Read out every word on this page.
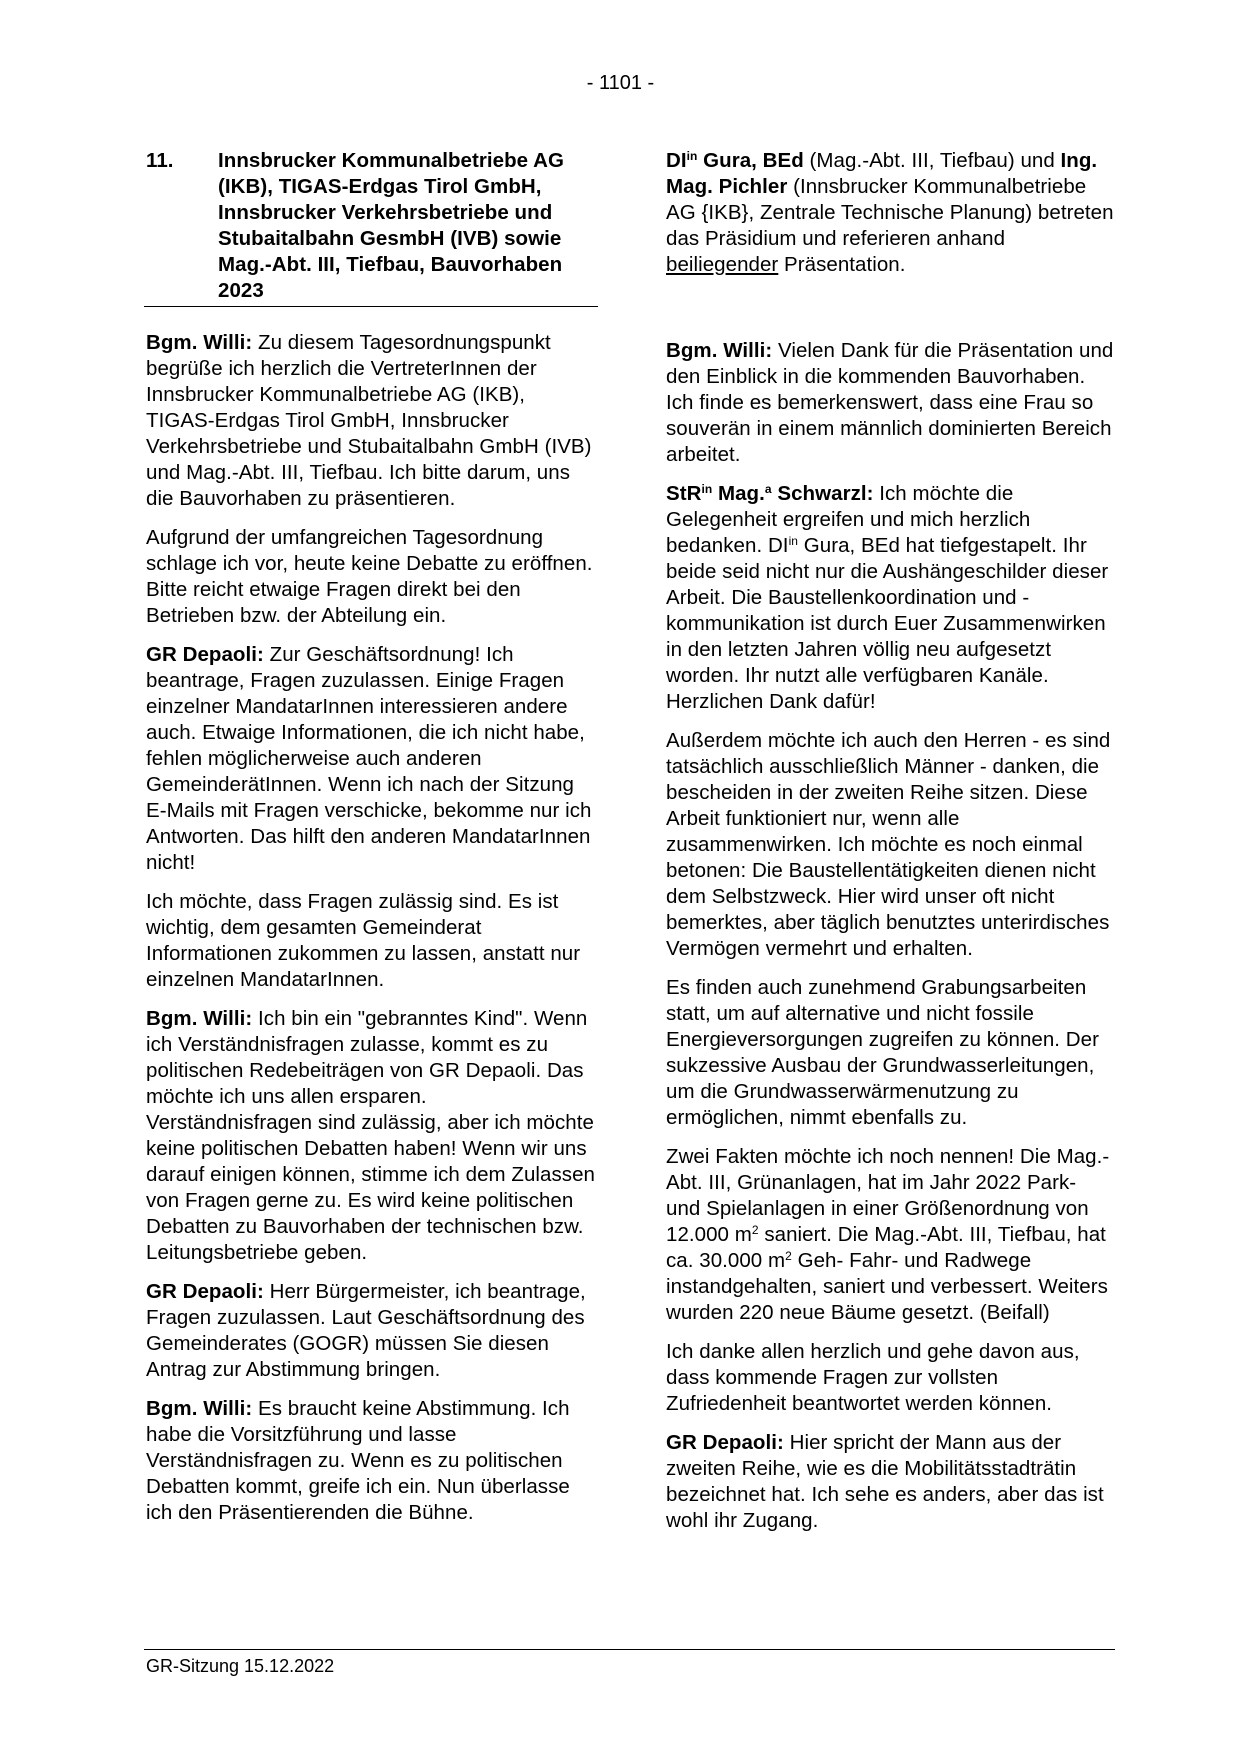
- 1101 -
11.	Innsbrucker Kommunalbetriebe AG (IKB), TIGAS-Erdgas Tirol GmbH, Innsbrucker Verkehrsbetriebe und Stubaitalbahn GesmbH (IVB) sowie Mag.-Abt. III, Tiefbau, Bauvorhaben 2023

Bgm. Willi: Zu diesem Tagesordnungspunkt begrüße ich herzlich die VertreterInnen der Innsbrucker Kommunalbetriebe AG (IKB), TIGAS-Erdgas Tirol GmbH, Innsbrucker Verkehrsbetriebe und Stubaitalbahn GmbH (IVB) und Mag.-Abt. III, Tiefbau. Ich bitte darum, uns die Bauvorhaben zu präsentieren.

Aufgrund der umfangreichen Tagesordnung schlage ich vor, heute keine Debatte zu eröffnen. Bitte reicht etwaige Fragen direkt bei den Betrieben bzw. der Abteilung ein.

GR Depaoli: Zur Geschäftsordnung! Ich beantrage, Fragen zuzulassen. Einige Fragen einzelner MandatarInnen interessieren andere auch. Etwaige Informationen, die ich nicht habe, fehlen möglicherweise auch anderen GemeinderätInnen. Wenn ich nach der Sitzung E-Mails mit Fragen verschicke, bekomme nur ich Antworten. Das hilft den anderen MandatarInnen nicht!

Ich möchte, dass Fragen zulässig sind. Es ist wichtig, dem gesamten Gemeinderat Informationen zukommen zu lassen, anstatt nur einzelnen MandatarInnen.

Bgm. Willi: Ich bin ein "gebranntes Kind". Wenn ich Verständnisfragen zulasse, kommt es zu politischen Redebeiträgen von GR Depaoli. Das möchte ich uns allen ersparen. Verständnisfragen sind zulässig, aber ich möchte keine politischen Debatten haben! Wenn wir uns darauf einigen können, stimme ich dem Zulassen von Fragen gerne zu. Es wird keine politischen Debatten zu Bauvorhaben der technischen bzw. Leitungsbetriebe geben.

GR Depaoli: Herr Bürgermeister, ich beantrage, Fragen zuzulassen. Laut Geschäftsordnung des Gemeinderates (GOGR) müssen Sie diesen Antrag zur Abstimmung bringen.

Bgm. Willi: Es braucht keine Abstimmung. Ich habe die Vorsitzführung und lasse Verständnisfragen zu. Wenn es zu politischen Debatten kommt, greife ich ein. Nun überlasse ich den Präsentierenden die Bühne.

$DI^{in}$ Gura, BEd (Mag.-Abt. III, Tiefbau) und Ing. Mag. Pichler (Innsbrucker Kommunalbetriebe AG {IKB}, Zentrale Technische Planung) betreten das Präsidium und referieren anhand beiliegender Präsentation.

Bgm. Willi: Vielen Dank für die Präsentation und den Einblick in die kommenden Bauvorhaben. Ich finde es bemerkenswert, dass eine Frau so souverän in einem männlich dominierten Bereich arbeitet.

StR$^{in}$ Mag.$^a$ Schwarzl: Ich möchte die Gelegenheit ergreifen und mich herzlich bedanken. $DI^{in}$ Gura, BEd hat tiefgestapelt. Ihr beide seid nicht nur die Aushängeschilder dieser Arbeit. Die Baustellenkoordination und -kommunikation ist durch Euer Zusammenwirken in den letzten Jahren völlig neu aufgesetzt worden. Ihr nutzt alle verfügbaren Kanäle. Herzlichen Dank dafür!

Außerdem möchte ich auch den Herren - es sind tatsächlich ausschließlich Männer - danken, die bescheiden in der zweiten Reihe sitzen. Diese Arbeit funktioniert nur, wenn alle zusammenwirken. Ich möchte es noch einmal betonen: Die Baustellentätigkeiten dienen nicht dem Selbstzweck. Hier wird unser oft nicht bemerktes, aber täglich benutztes unterirdisches Vermögen vermehrt und erhalten.

Es finden auch zunehmend Grabungsarbeiten statt, um auf alternative und nicht fossile Energieversorgungen zugreifen zu können. Der sukzessive Ausbau der Grundwasserleitungen, um die Grundwasserwärmenutzung zu ermöglichen, nimmt ebenfalls zu.

Zwei Fakten möchte ich noch nennen! Die Mag.-Abt. III, Grünanlagen, hat im Jahr 2022 Park- und Spielanlagen in einer Größenordnung von 12.000 $m^2$ saniert. Die Mag.-Abt. III, Tiefbau, hat ca. 30.000 $m^2$ Geh- Fahr- und Radwege instandgehalten, saniert und verbessert. Weiters wurden 220 neue Bäume gesetzt. (Beifall)

Ich danke allen herzlich und gehe davon aus, dass kommende Fragen zur vollsten Zufriedenheit beantwortet werden können.

GR Depaoli: Hier spricht der Mann aus der zweiten Reihe, wie es die Mobilitätsstadträtin bezeichnet hat. Ich sehe es anders, aber das ist wohl ihr Zugang.

GR-Sitzung 15.12.2022
